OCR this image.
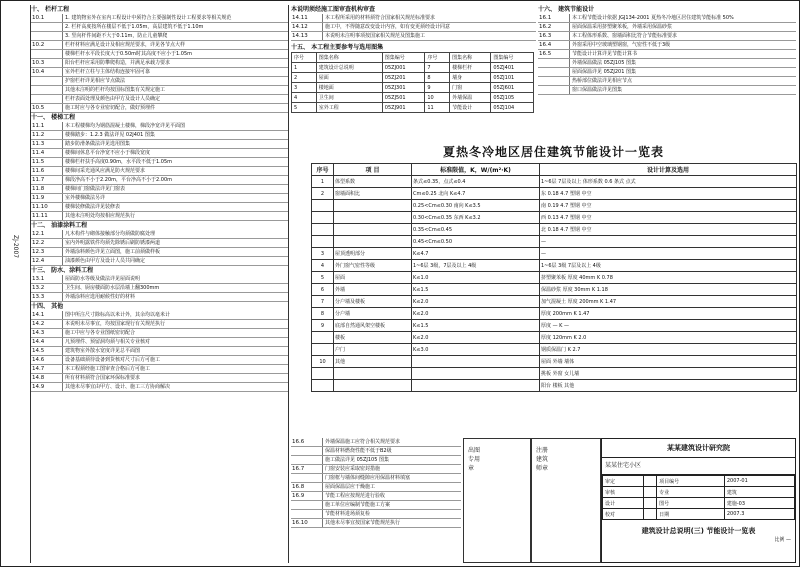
ZJ-2007
十、 栏杆工程
10.1	1. 建筑物室外在室内工程设计中须符合主要强制性设计工程要求等相关规范
2. 栏杆高度按所在楼层不低于1.05m，高层建筑不低于1.10m
3. 竖向杆件间距不大于0.11m，防止儿童攀爬
10.2	栏杆材料应满足设计及相应规范要求，详见各节点大样
楼梯栏杆水平段长度大于0.50m时其高度不应小于1.05m
10.3	阳台栏杆应采用防攀爬构造，并满足承载力要求
10.4	室外栏杆立柱与主体结构连接牢固可靠
护窗栏杆详见相应节点做法
其他未注明的栏杆均按国标图集有关规定施工
栏杆表面处理及颜色由甲方及设计人员确定
10.5	施工时应与各专业密切配合，做好预埋件
十一、 楼梯工程
11.1	本工程楼梯均为钢筋混凝土楼梯，梯段净宽详见平面图
11.2	楼梯踏步：1.2.3 做法详见 02J401 图集
11.3	踏步防滑条做法详见选用图集
11.4	楼梯间休息平台净宽不应小于梯段宽度
11.5	楼梯栏杆扶手高度0.90m，水平段不低于1.05m
11.6	楼梯间采光通风应满足防火规范要求
11.7	梯段净高不小于2.20m，平台净高不小于2.00m
11.8	楼梯间门窗做法详见门窗表
11.9	室外楼梯做法另详
11.10	楼梯装修做法详见装修表
11.11	其他未注明处均按相应规范执行
十二、 油漆涂料工程
12.1	凡木构件与砌体接触部分均须做防腐处理
12.2	室内外明露铁件均须先除锈后刷防锈漆两道
12.3	外墙涂料颜色详见立面图，施工前须做样板
12.4	油漆颜色由甲方及设计人员共同确定
十三、 防水、涂料工程
13.1	屋面防水等级及做法详见屋面说明
13.2	卫生间、厨房楼面防水层沿墙上翻300mm
13.3	外墙涂料应选用耐候性好的材料
十四、 其他
14.1	图中所注尺寸除标高以米计外，其余均以毫米计
14.2	本说明未尽事宜，均按国家现行有关规范执行
14.3	施工中应与各专业图纸密切配合
14.4	凡预埋件、预留洞均须与相关专业核对
14.5	建筑物室外散水宽度详见总平面图
14.6	设备基础须待设备到货核对尺寸后方可施工
14.7	本工程须经施工图审查合格后方可施工
14.8	所有材料须符合国家环保标准要求
14.9	其他未尽事宜由甲方、设计、施工三方协商解决
本说明须经施工图审查机构审查
14.11	本工程所采用的材料须符合国家相关规范标准要求
14.12	施工中，不得随意改变设计内容，如有变更须经设计同意
14.13	本说明未注明事项按国家相关规范及图集施工
十五、 本工程主要参考与选用图集
序号	图集名称	图集编号	序号	图集名称	图集编号
1	建筑设计总说明	05ZJ001	7	楼梯栏杆	05ZJ401
2	屋面	05ZJ201	8	墙身	05ZJ101
3	楼地面	05ZJ301	9	门窗	05ZJ601
4	卫生间	05ZJ501	10	外墙保温	05ZJ105
5	室外工程	05ZJ901	11	节能设计	05ZJ104
十六、 建筑节能设计
16.1	本工程节能设计依据 JGJ134-2001 夏热冬冷地区居住建筑节能标准 50%
16.2	屋面保温采用挤塑聚苯板，外墙采用保温砂浆
16.3	本工程体形系数、窗墙面积比符合节能标准要求
16.4	外窗采用中空玻璃塑钢窗，气密性不低于3级
16.5	节能设计计算详见节能计算书
外墙保温做法 05ZJ105 图集
屋面保温详见 05ZJ201 图集
热桥部位做法详见相应节点
窗口保温做法详见图集
夏热冬冷地区居住建筑节能设计一览表
序号	项 目	标准限值，K，W/(m²·K)	设计计算及选用
1	体型系数	条式≤0.35，点式≤0.4	1~6层 7层及以上 体形系数 0.6 条式 点式
2	窗墙面积比	Cm≤0.25 北向 K≤4.7	东 0.18 4.7 塑钢 中空
		0.25<Cm≤0.30 南向 K≤3.5	南 0.19 4.7 塑钢 中空
		0.30<Cm≤0.35 东西 K≤3.2	西 0.13 4.7 塑钢 中空
		0.35<Cm≤0.45	北 0.18 4.7 塑钢 中空
		0.45<Cm≤0.50	—
3	屋顶透明部分	K≤4.7	—
4	外门窗气密性等级	1~6层 3级，7层及以上 4级	1~6层 3级 7层及以上 4级
5	屋面	K≤1.0	挤塑聚苯板 厚度 40mm K 0.78
6	外墙	K≤1.5	保温砂浆 厚度 30mm K 1.18
7	分户墙及楼板	K≤2.0	加气混凝土 厚度 200mm K 1.47
8	分户墙	K≤2.0	厚度 200mm K 1.47
9	底部自然通风架空楼板	K≤1.5	厚度 — K —
	楼板	K≤2.0	厚度 120mm K 2.0
	户门	K≤3.0	钢质保温门 K 2.7
10	其他		屋面 外墙 墙体
			挑板 外窗 女儿墙
			阳台 楼板 其他
16.6	外墙保温施工应符合相关规范要求
保温材料燃烧性能不低于B2级
施工做法详见 05ZJ105 图集
16.7	门窗安装应采取密封措施
门窗框与墙体间缝隙应用保温材料填塞
16.8	屋面保温层应干燥施工
16.9	节能工程应按规范进行验收
施工单位应编制节能施工方案
节能材料进场须复检
16.10	其他未尽事宜按国家节能规范执行
出图专用章
注册建筑师章
某某建筑设计研究院
某某住宅小区
审定		项目编号	2007-01
审核		专业	建筑
设计		图号	建施-03
校对		日期	2007.3
建筑设计总说明(三) 节能设计一览表
比例 —
